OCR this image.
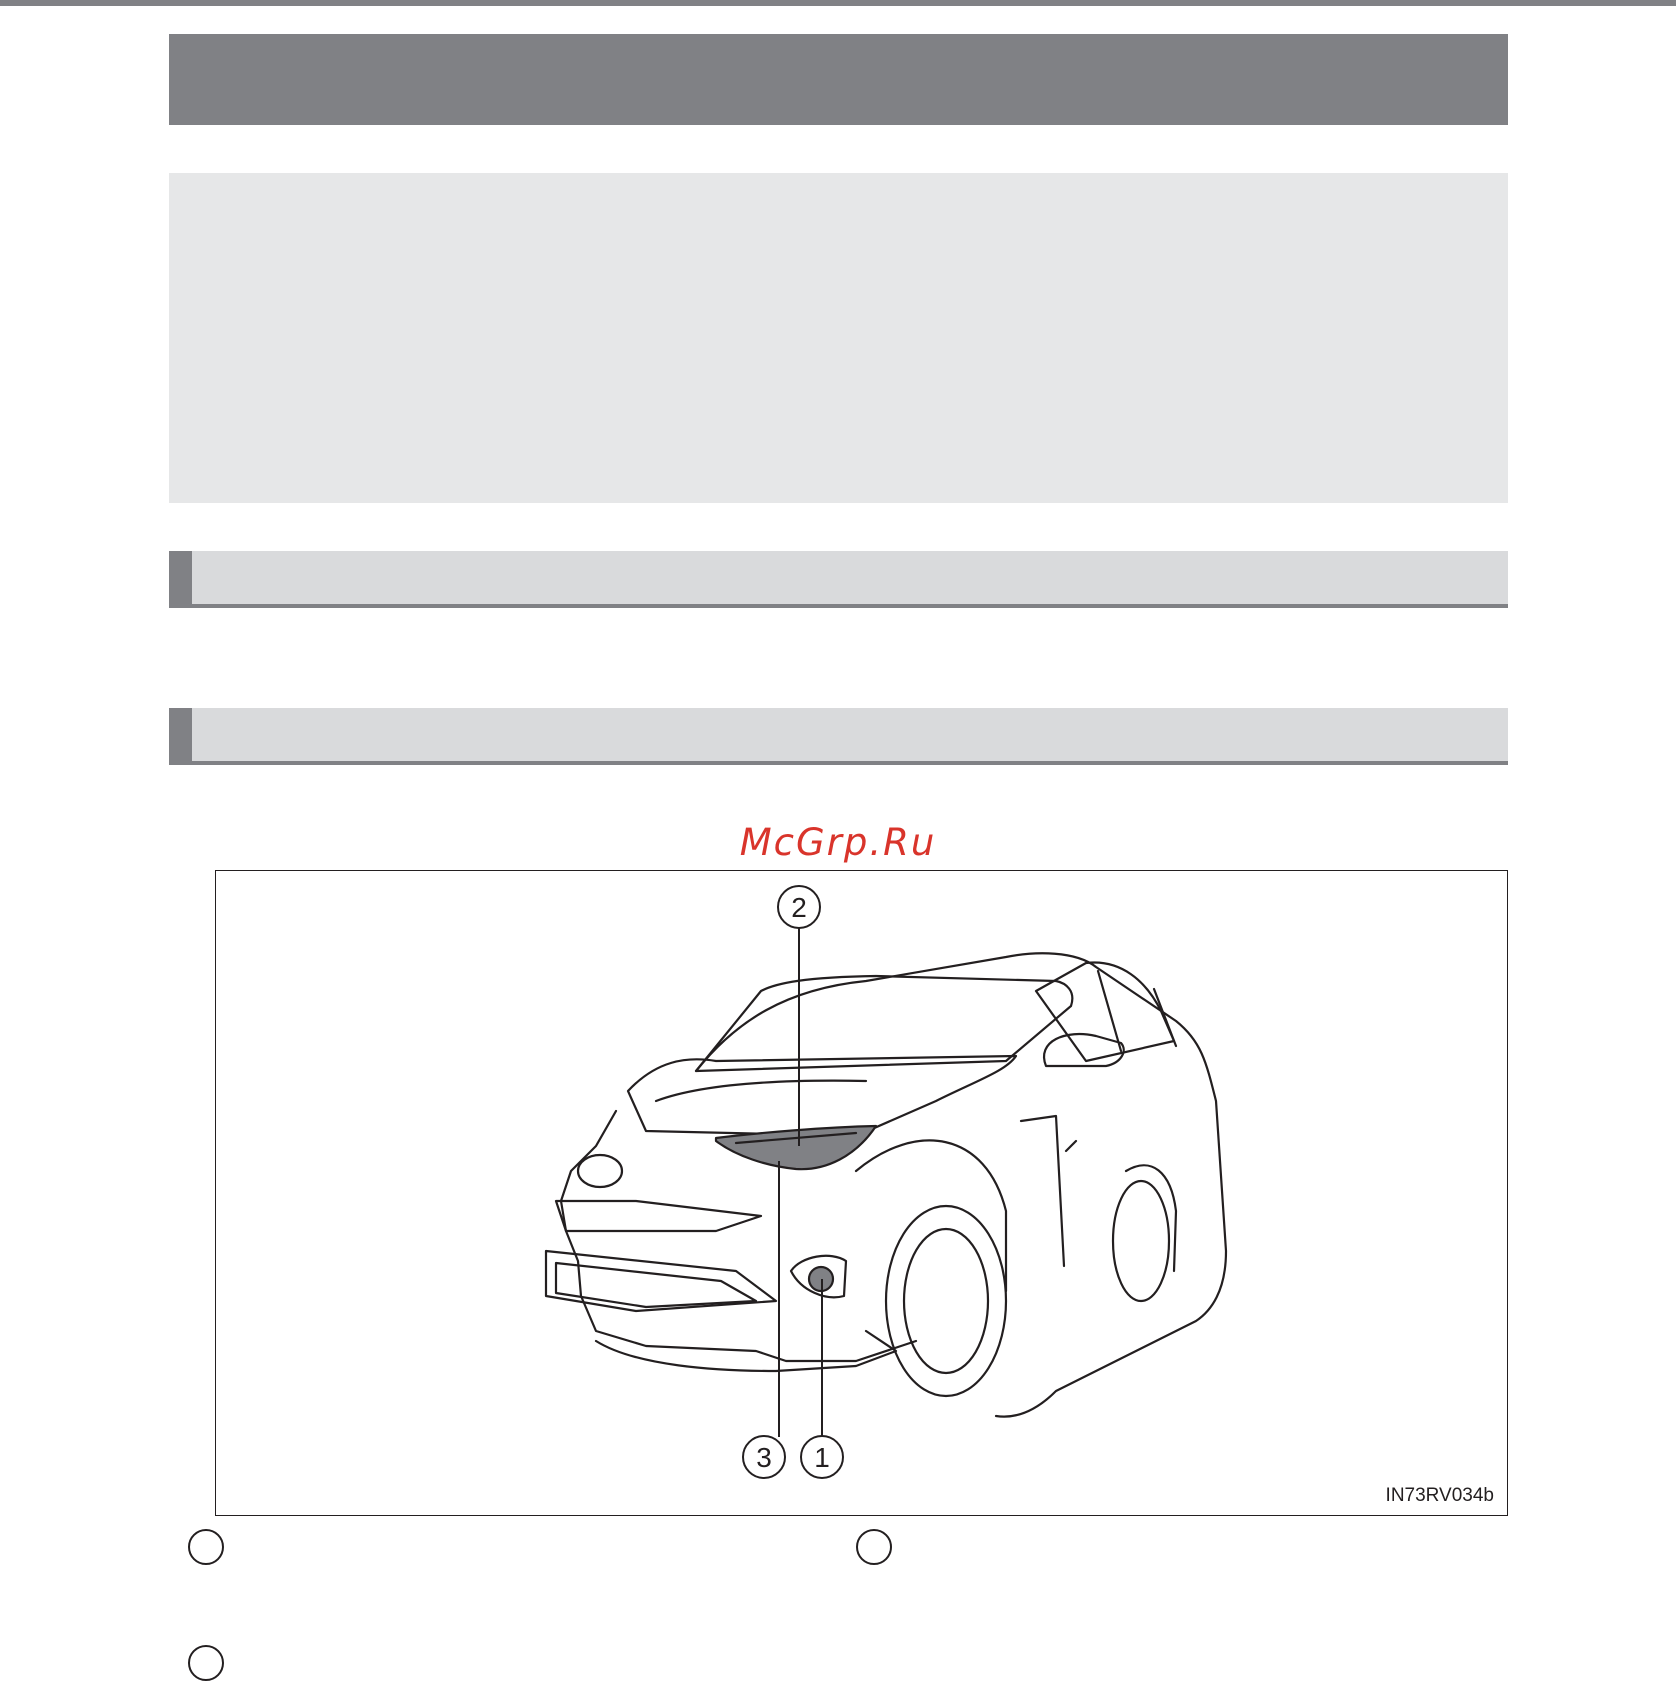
McGrp.Ru
2
3 1
IN73RV034b
